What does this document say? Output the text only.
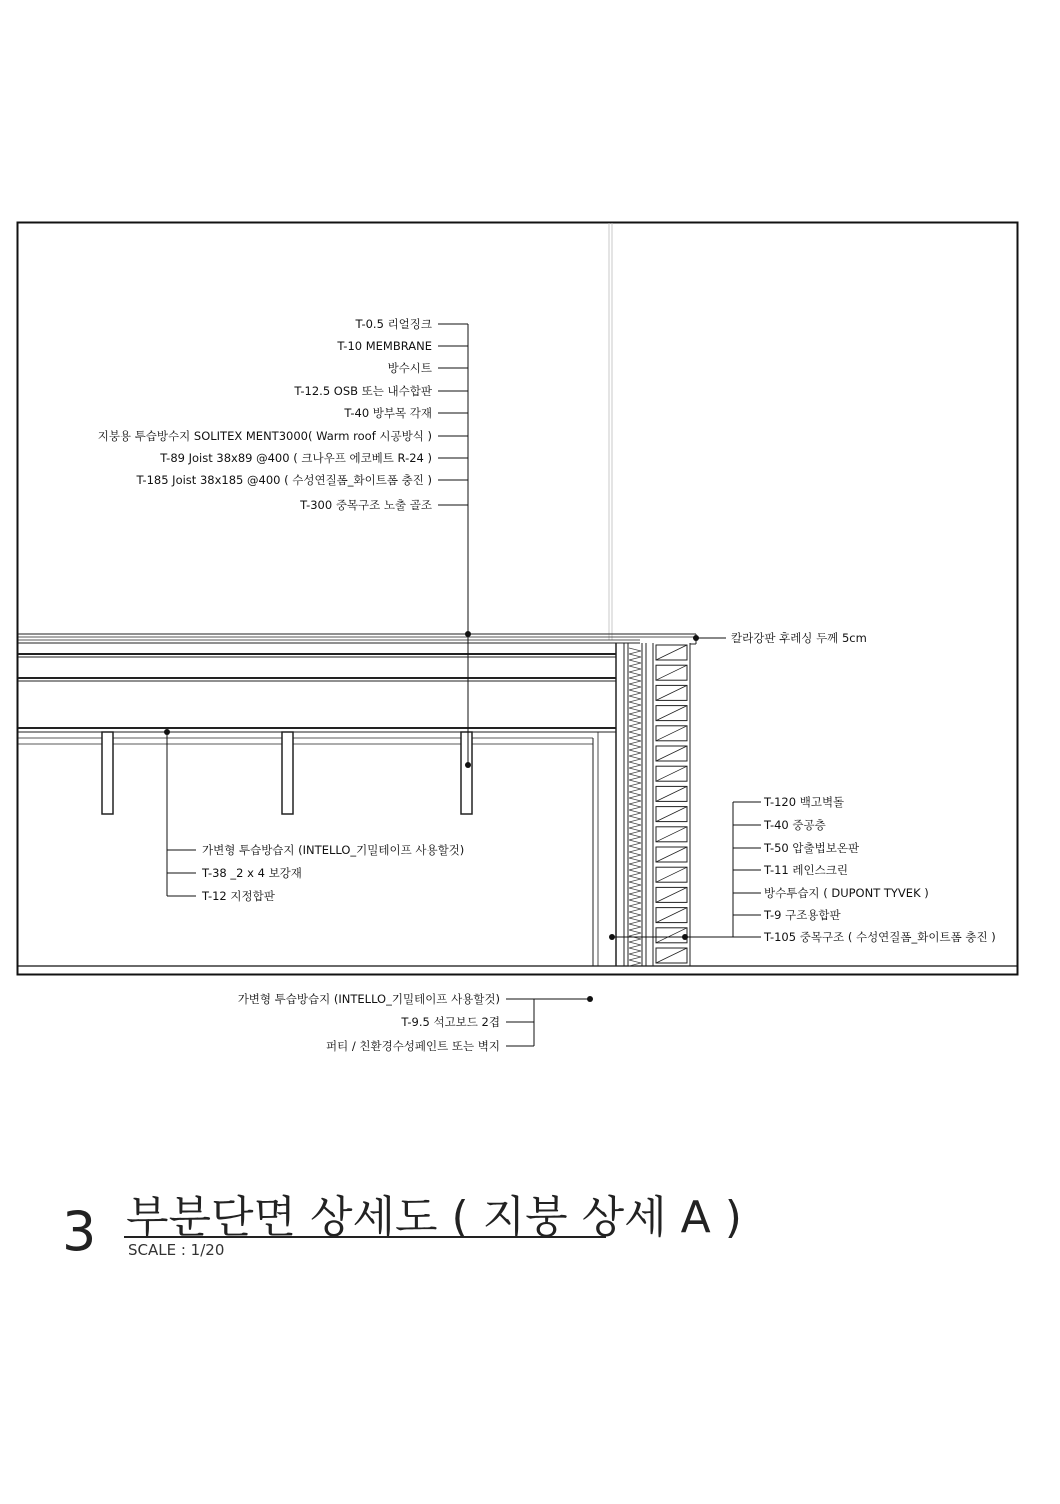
T-0.5 리얼징크
T-10 MEMBRANE
방수시트
T-12.5 OSB 또는 내수합판
T-40 방부목 각재
지붕용 투습방수지 SOLITEX MENT3000( Warm roof 시공방식 )
T-89 Joist 38x89 @400 ( 크나우프 에코베트 R-24 )
T-185 Joist 38x185 @400 ( 수성연질폼_화이트폼 충진 )
T-300 중목구조 노출 골조
칼라강판 후레싱 두께 5cm
가변형 투습방습지 (INTELLO_기밀테이프 사용할것)
T-38 _2 x 4 보강재
T-12 지정합판
T-120 백고벽돌
T-40 중공층
T-50 압출법보온판
T-11 레인스크린
방수투습지 ( DUPONT TYVEK )
T-9 구조용합판
T-105 중목구조 ( 수성연질폼_화이트폼 충진 )
가변형 투습방습지 (INTELLO_기밀테이프 사용할것)
T-9.5 석고보드 2겹
퍼티 / 친환경수성페인트 또는 벽지
3 부분단면 상세도 ( 지붕 상세 A )
SCALE : 1/20
